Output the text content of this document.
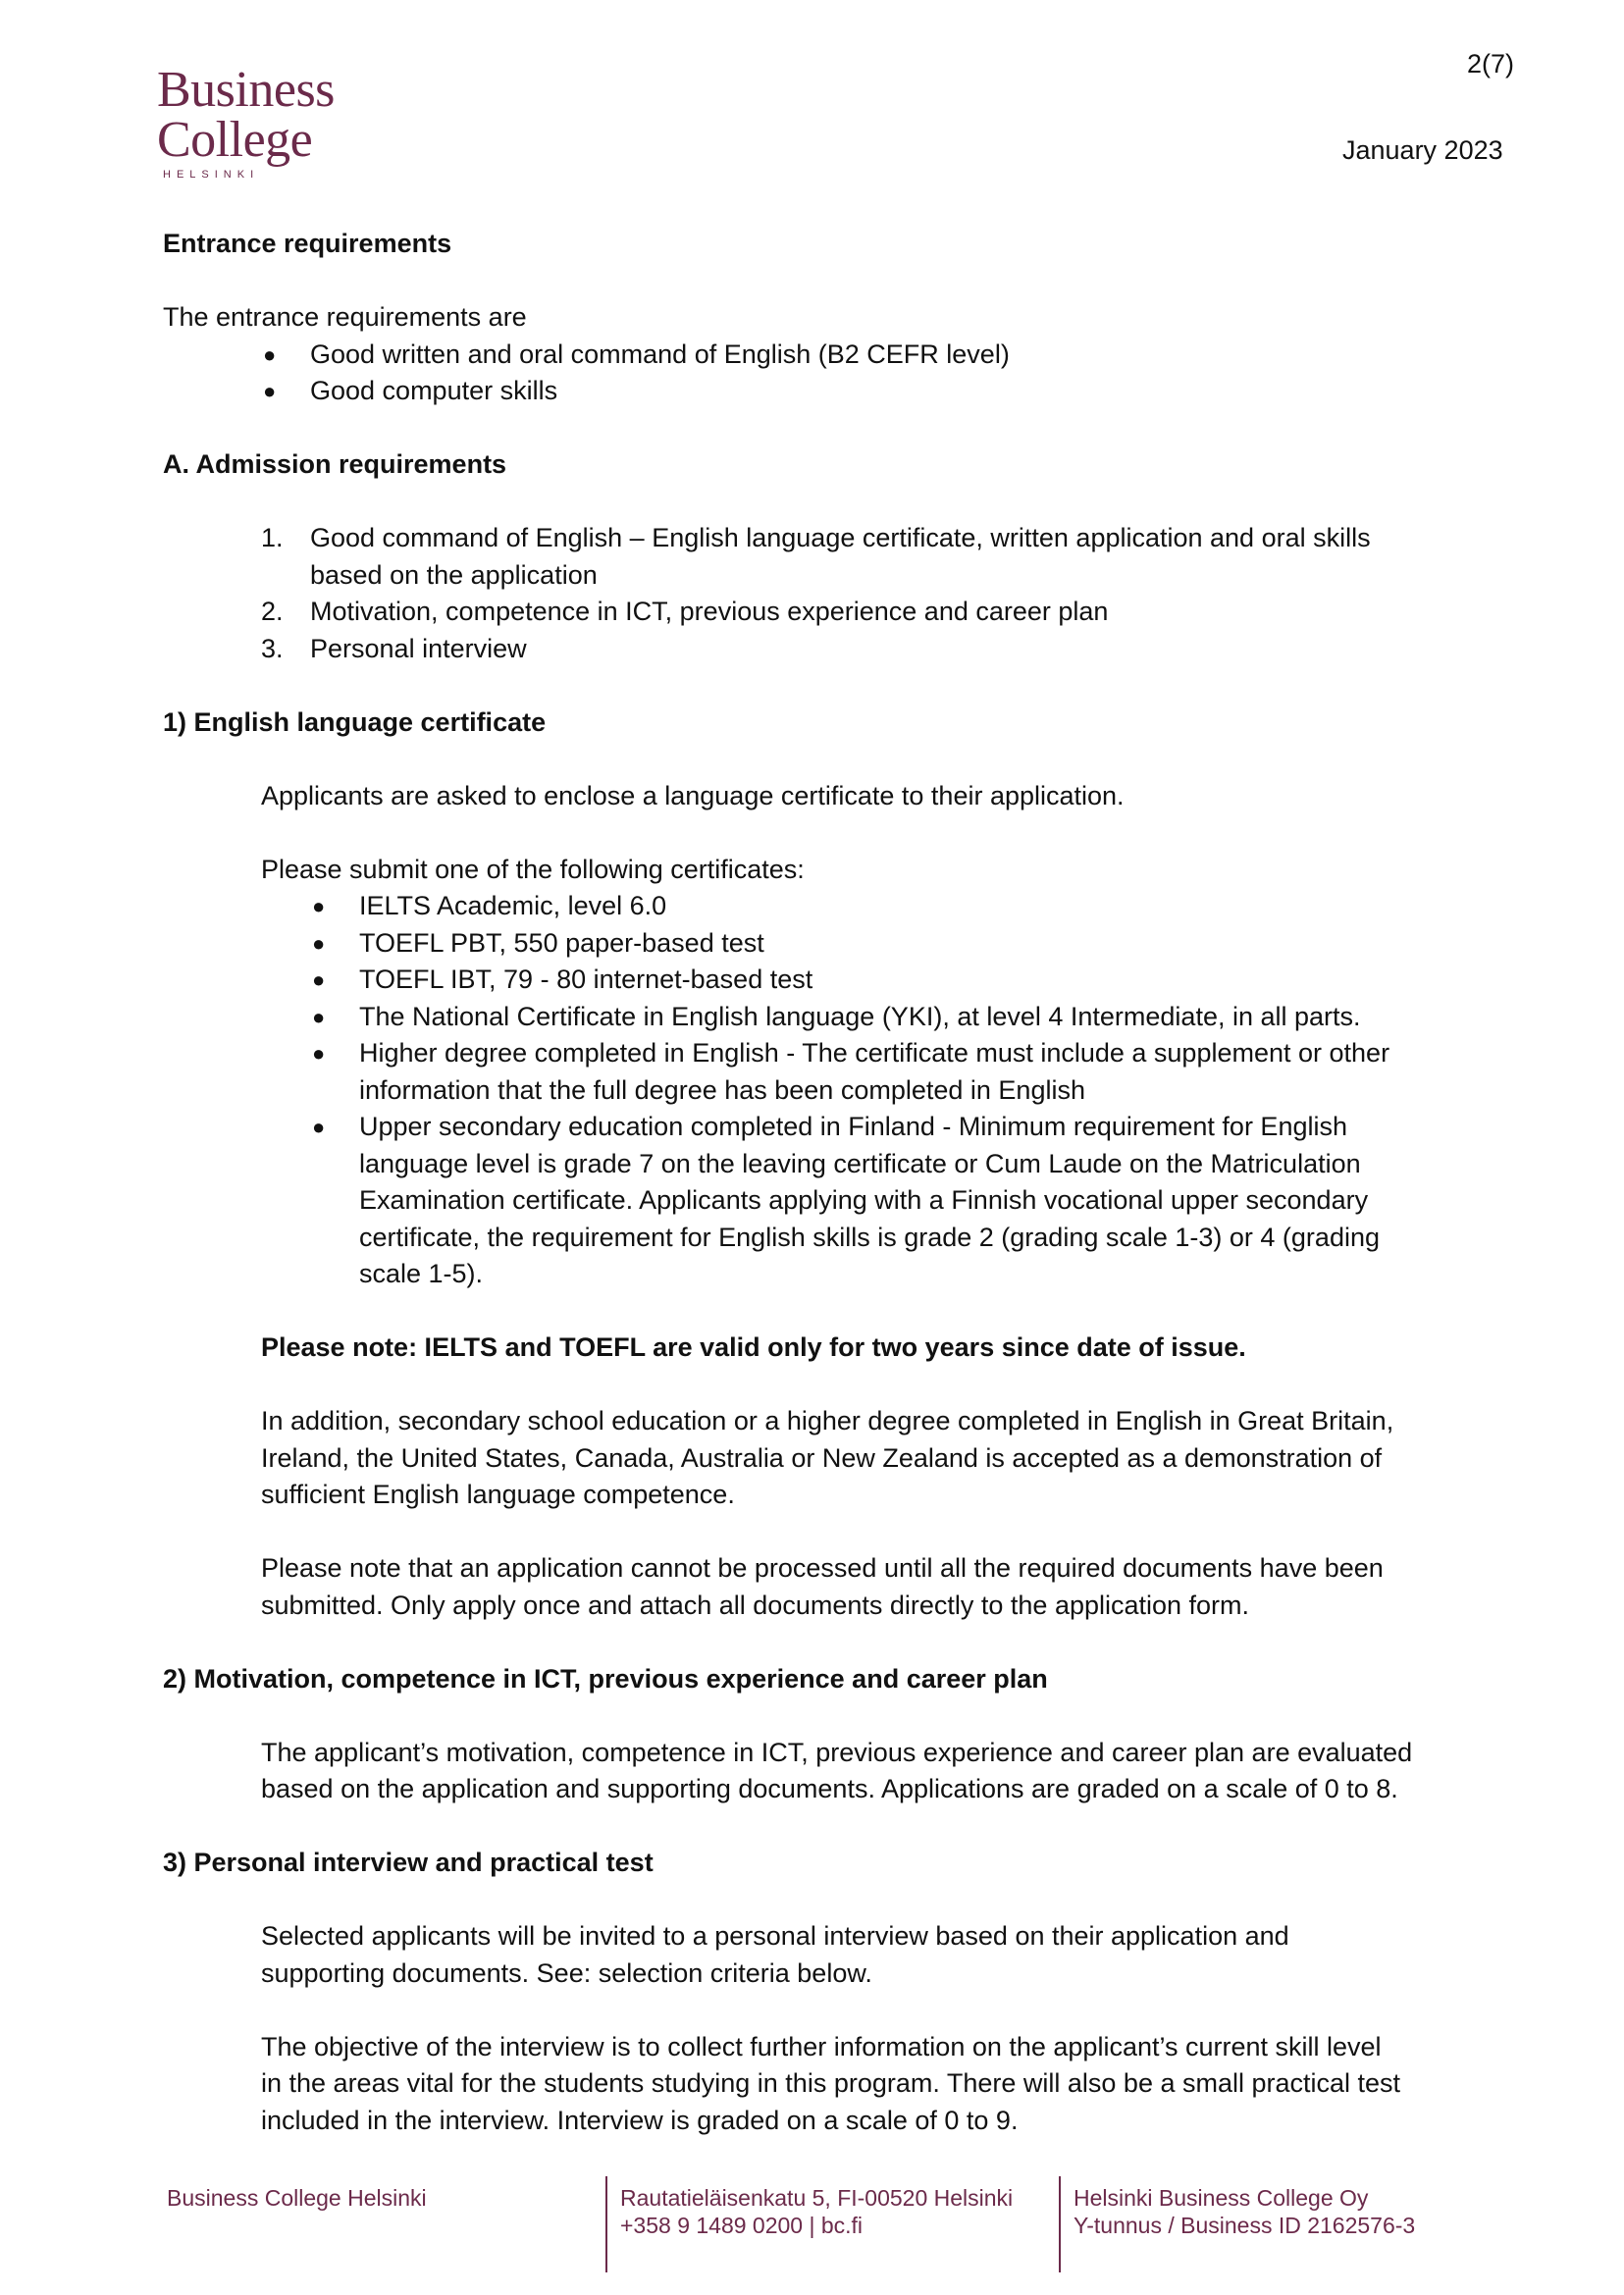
2(7)
January 2023
Business
College
HELSINKI

Entrance requirements

The entrance requirements are

● Good written and oral command of English (B2 CEFR level)
● Good computer skills

A. Admission requirements

1. Good command of English – English language certificate, written application and oral skills
based on the application
2. Motivation, competence in ICT, previous experience and career plan
3. Personal interview

1) English language certificate

Applicants are asked to enclose a language certificate to their application.

Please submit one of the following certificates:

● IELTS Academic, level 6.0
● TOEFL PBT, 550 paper-based test
● TOEFL IBT, 79 - 80 internet-based test
● The National Certificate in English language (YKI), at level 4 Intermediate, in all parts.
● Higher degree completed in English - The certificate must include a supplement or other
information that the full degree has been completed in English
● Upper secondary education completed in Finland - Minimum requirement for English
language level is grade 7 on the leaving certificate or Cum Laude on the Matriculation
Examination certificate. Applicants applying with a Finnish vocational upper secondary
certificate, the requirement for English skills is grade 2 (grading scale 1-3) or 4 (grading
scale 1-5).

Please note: IELTS and TOEFL are valid only for two years since date of issue.

In addition, secondary school education or a higher degree completed in English in Great Britain,
Ireland, the United States, Canada, Australia or New Zealand is accepted as a demonstration of
sufficient English language competence.

Please note that an application cannot be processed until all the required documents have been
submitted. Only apply once and attach all documents directly to the application form.

2) Motivation, competence in ICT, previous experience and career plan

The applicant’s motivation, competence in ICT, previous experience and career plan are evaluated
based on the application and supporting documents. Applications are graded on a scale of 0 to 8.

3) Personal interview and practical test

Selected applicants will be invited to a personal interview based on their application and
supporting documents. See: selection criteria below.

The objective of the interview is to collect further information on the applicant’s current skill level
in the areas vital for the students studying in this program. There will also be a small practical test
included in the interview. Interview is graded on a scale of 0 to 9.

Business College Helsinki	Rautatieläisenkatu 5, FI-00520 Helsinki
+358 9 1489 0200 | bc.fi
Helsinki Business College Oy
Y-tunnus / Business ID 2162576-3
